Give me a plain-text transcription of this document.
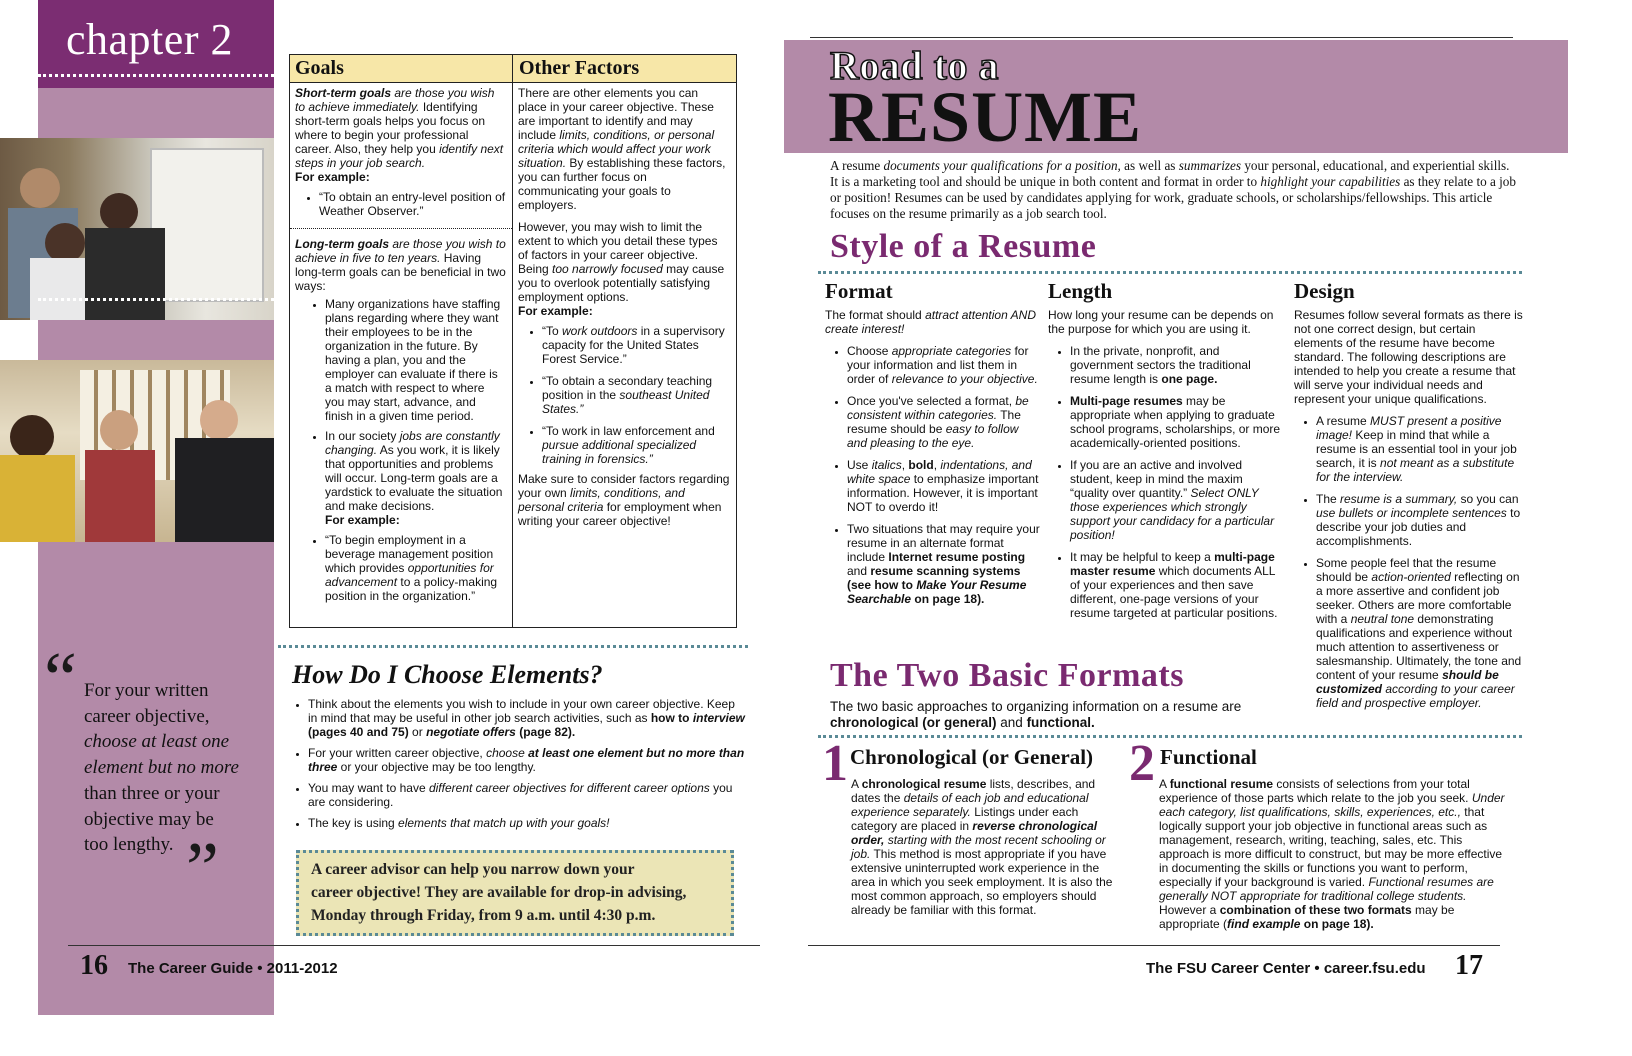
chapter 2
“
”
For your written
career objective,
choose at least one
element but no more
than three or your
objective may be
too lengthy.
Goals	Other Factors

Short-term goals are those you wish to achieve immediately. Identifying short-term goals helps you focus on where to begin your professional career. Also, they help you identify next steps in your job search.

For example:

• “To obtain an entry-level position of Weather Observer.”

Long-term goals are those you wish to achieve in five to ten years. Having long-term goals can be beneficial in two ways:

• Many organizations have staffing plans regarding where they want their employees to be in the organization in the future. By having a plan, you and the employer can evaluate if there is a match with respect to where you may start, advance, and finish in a given time period.
• In our society jobs are constantly changing. As you work, it is likely that opportunities and problems will occur. Long-term goals are a yardstick to evaluate the situation and make decisions.
For example:
• “To begin employment in a beverage management position which provides opportunities for advancement to a policy-making position in the organization.”

There are other elements you can place in your career objective. These are important to identify and may include limits, conditions, or personal criteria which would affect your work situation. By establishing these factors, you can further focus on communicating your goals to employers.

However, you may wish to limit the extent to which you detail these types of factors in your career objective. Being too narrowly focused may cause you to overlook potentially satisfying employment options.

For example:

• “To work outdoors in a supervisory capacity for the United States Forest Service.”
• “To obtain a secondary teaching position in the southeast United States.”
• “To work in law enforcement and pursue additional specialized training in forensics.”

Make sure to consider factors regarding your own limits, conditions, and personal criteria for employment when writing your career objective!

How Do I Choose Elements?
• Think about the elements you wish to include in your own career objective. Keep in mind that may be useful in other job search activities, such as how to interview (pages 40 and 75) or negotiate offers (page 82).
• For your written career objective, choose at least one element but no more than three or your objective may be too lengthy.
• You may want to have different career objectives for different career options you are considering.
• The key is using elements that match up with your goals!
A career advisor can help you narrow down your
career objective! They are available for drop-in advising,
Monday through Friday, from 9 a.m. until 4:30 p.m.
16 The Career Guide • 2011-2012
Road to a
RESUME
A resume documents your qualifications for a position, as well as summarizes your personal, educational, and experiential skills. It is a marketing tool and should be unique in both content and format in order to highlight your capabilities as they relate to a job or position! Resumes can be used by candidates applying for work, graduate schools, or scholarships/fellowships. This article focuses on the resume primarily as a job search tool.
Style of a Resume
Format

The format should attract attention AND create interest!

• Choose appropriate categories for your information and list them in order of relevance to your objective.
• Once you've selected a format, be consistent within categories. The resume should be easy to follow and pleasing to the eye.
• Use italics, bold, indentations, and white space to emphasize important information. However, it is important NOT to overdo it!
• Two situations that may require your resume in an alternate format include Internet resume posting and resume scanning systems (see how to Make Your Resume Searchable on page 18).
Length

How long your resume can be depends on the purpose for which you are using it.

• In the private, nonprofit, and government sectors the traditional resume length is one page.
• Multi-page resumes may be appropriate when applying to graduate school programs, scholarships, or more academically-oriented positions.
• If you are an active and involved student, keep in mind the maxim “quality over quantity.” Select ONLY those experiences which strongly support your candidacy for a particular position!
• It may be helpful to keep a multi-page master resume which documents ALL of your experiences and then save different, one-page versions of your resume targeted at particular positions.
Design

Resumes follow several formats as there is not one correct design, but certain elements of the resume have become standard. The following descriptions are intended to help you create a resume that will serve your individual needs and represent your unique qualifications.

• A resume MUST present a positive image! Keep in mind that while a resume is an essential tool in your job search, it is not meant as a substitute for the interview.
• The resume is a summary, so you can use bullets or incomplete sentences to describe your job duties and accomplishments.
• Some people feel that the resume should be action-oriented reflecting on a more assertive and confident job seeker. Others are more comfortable with a neutral tone demonstrating qualifications and experience without much attention to assertiveness or salesmanship. Ultimately, the tone and content of your resume should be customized according to your career field and prospective employer.
The Two Basic Formats
The two basic approaches to organizing information on a resume are chronological (or general) and functional.
1 Chronological (or General)
A chronological resume lists, describes, and dates the details of each job and educational experience separately. Listings under each category are placed in reverse chronological order, starting with the most recent schooling or job. This method is most appropriate if you have extensive uninterrupted work experience in the area in which you seek employment. It is also the most common approach, so employers should already be familiar with this format.
2 Functional
A functional resume consists of selections from your total experience of those parts which relate to the job you seek. Under each category, list qualifications, skills, experiences, etc., that logically support your job objective in functional areas such as management, research, writing, teaching, sales, etc. This approach is more difficult to construct, but may be more effective in documenting the skills or functions you want to perform, especially if your background is varied. Functional resumes are generally NOT appropriate for traditional college students. However a combination of these two formats may be appropriate (find example on page 18).
The FSU Career Center • career.fsu.edu 17
